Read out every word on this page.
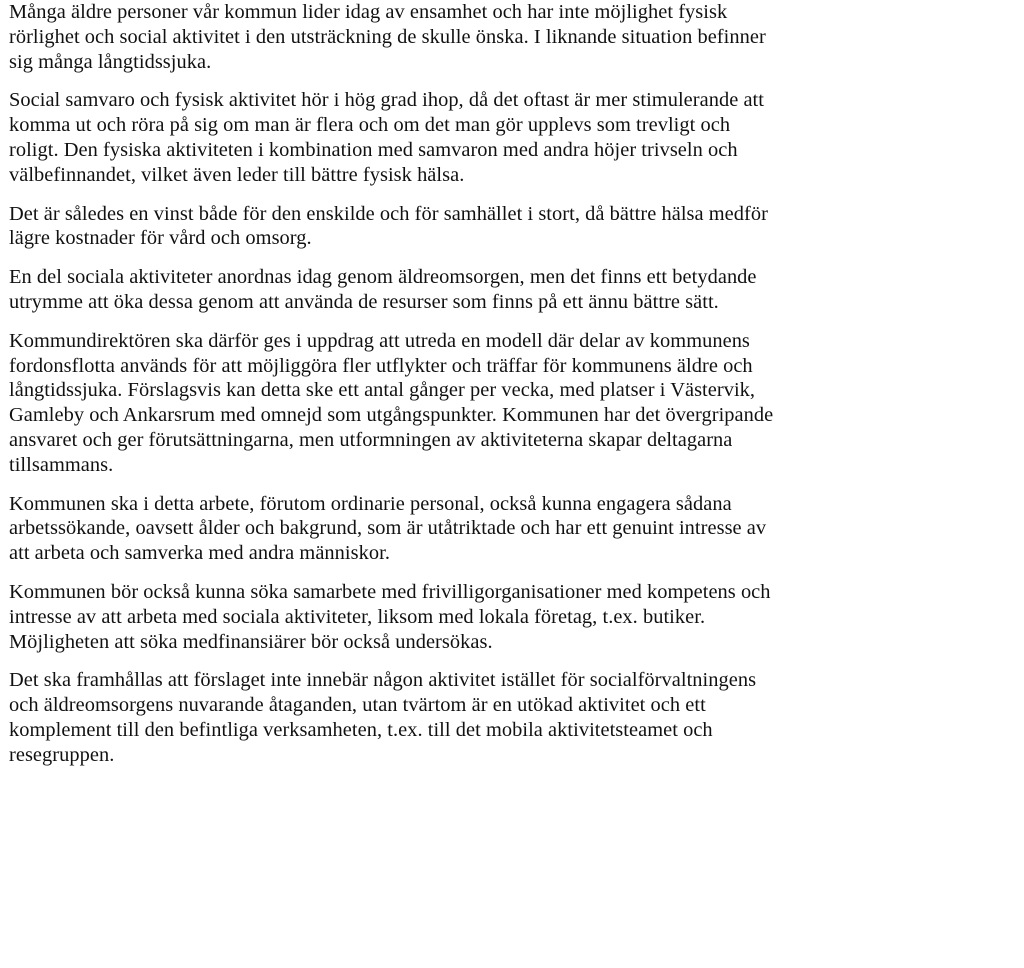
Många äldre personer vår kommun lider idag av ensamhet och har inte möjlighet fysisk
rörlighet och social aktivitet i den utsträckning de skulle önska. I liknande situation befinner
sig många långtidssjuka.

Social samvaro och fysisk aktivitet hör i hög grad ihop, då det oftast är mer stimulerande att
komma ut och röra på sig om man är flera och om det man gör upplevs som trevligt och
roligt. Den fysiska aktiviteten i kombination med samvaron med andra höjer trivseln och
välbefinnandet, vilket även leder till bättre fysisk hälsa.

Det är således en vinst både för den enskilde och för samhället i stort, då bättre hälsa medför
lägre kostnader för vård och omsorg.

En del sociala aktiviteter anordnas idag genom äldreomsorgen, men det finns ett betydande
utrymme att öka dessa genom att använda de resurser som finns på ett ännu bättre sätt.

Kommundirektören ska därför ges i uppdrag att utreda en modell där delar av kommunens
fordonsflotta används för att möjliggöra fler utflykter och träffar för kommunens äldre och
långtidssjuka. Förslagsvis kan detta ske ett antal gånger per vecka, med platser i Västervik,
Gamleby och Ankarsrum med omnejd som utgångspunkter. Kommunen har det övergripande
ansvaret och ger förutsättningarna, men utformningen av aktiviteterna skapar deltagarna
tillsammans.

Kommunen ska i detta arbete, förutom ordinarie personal, också kunna engagera sådana
arbetssökande, oavsett ålder och bakgrund, som är utåtriktade och har ett genuint intresse av
att arbeta och samverka med andra människor.

Kommunen bör också kunna söka samarbete med frivilligorganisationer med kompetens och
intresse av att arbeta med sociala aktiviteter, liksom med lokala företag, t.ex. butiker.
Möjligheten att söka medfinansiärer bör också undersökas.

Det ska framhållas att förslaget inte innebär någon aktivitet istället för socialförvaltningens
och äldreomsorgens nuvarande åtaganden, utan tvärtom är en utökad aktivitet och ett
komplement till den befintliga verksamheten, t.ex. till det mobila aktivitetsteamet och
resegruppen.
